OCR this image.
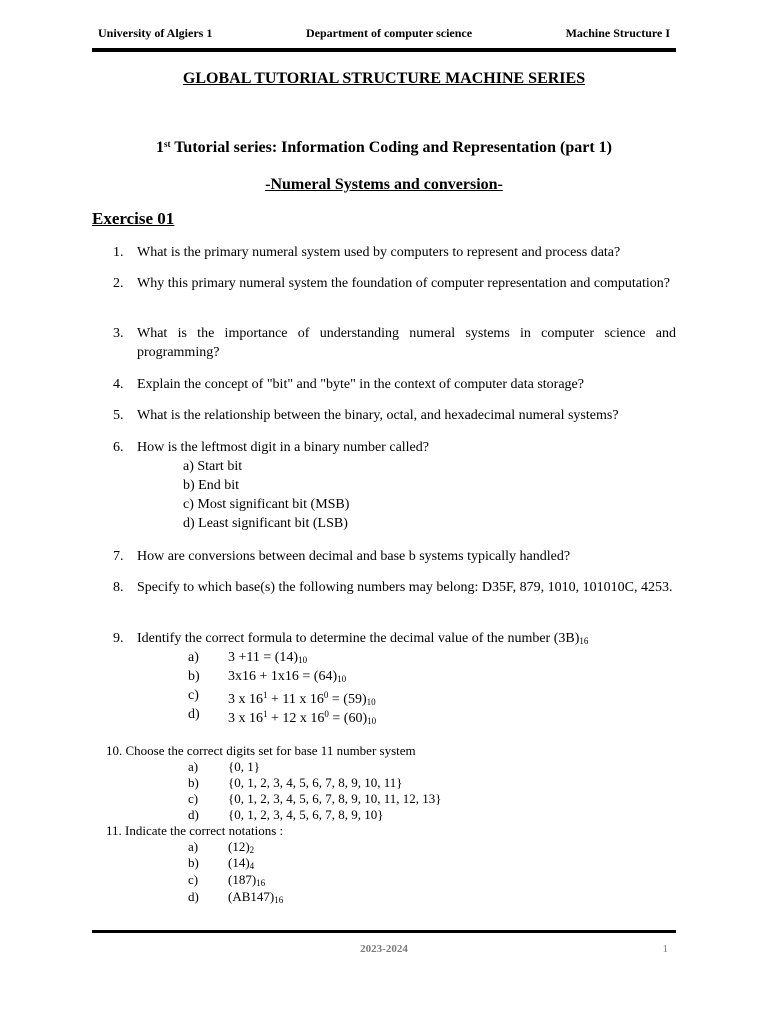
University of Algiers 1	Department of computer science	Machine Structure I
GLOBAL TUTORIAL STRUCTURE MACHINE SERIES
1st Tutorial series: Information Coding and Representation (part 1)
-Numeral Systems and conversion-
Exercise 01
1. What is the primary numeral system used by computers to represent and process data?
2. Why this primary numeral system the foundation of computer representation and computation?
3. What is the importance of understanding numeral systems in computer science and programming?
4. Explain the concept of "bit" and "byte" in the context of computer data storage?
5. What is the relationship between the binary, octal, and hexadecimal numeral systems?
6. How is the leftmost digit in a binary number called?
a) Start bit
b) End bit
c) Most significant bit (MSB)
d) Least significant bit (LSB)
7. How are conversions between decimal and base b systems typically handled?
8. Specify to which base(s) the following numbers may belong: D35F, 879, 1010, 101010C, 4253.
9. Identify the correct formula to determine the decimal value of the number $(3B)_{16}$
a) $3 +11 = (14)_{10}$
b) $3x16 + 1x16 = (64)_{10}$
c) 3 x $16^1 + 11$ x $16^0 = (59)_{10}$
d) 3 x $16^1 + 12$ x $16^0 = (60)_{10}$
10. Choose the correct digits set for base 11 number system
a) {0, 1}
b) {0, 1, 2, 3, 4, 5, 6, 7, 8, 9, 10, 11}
c) {0, 1, 2, 3, 4, 5, 6, 7, 8, 9, 10, 11, 12, 13}
d) {0, 1, 2, 3, 4, 5, 6, 7, 8, 9, 10}
11. Indicate the correct notations :
a) $(12)_2$
b) $(14)_4$
c) $(187)_{16}$
d) $(AB147)_{16}$
2023-2024	1
